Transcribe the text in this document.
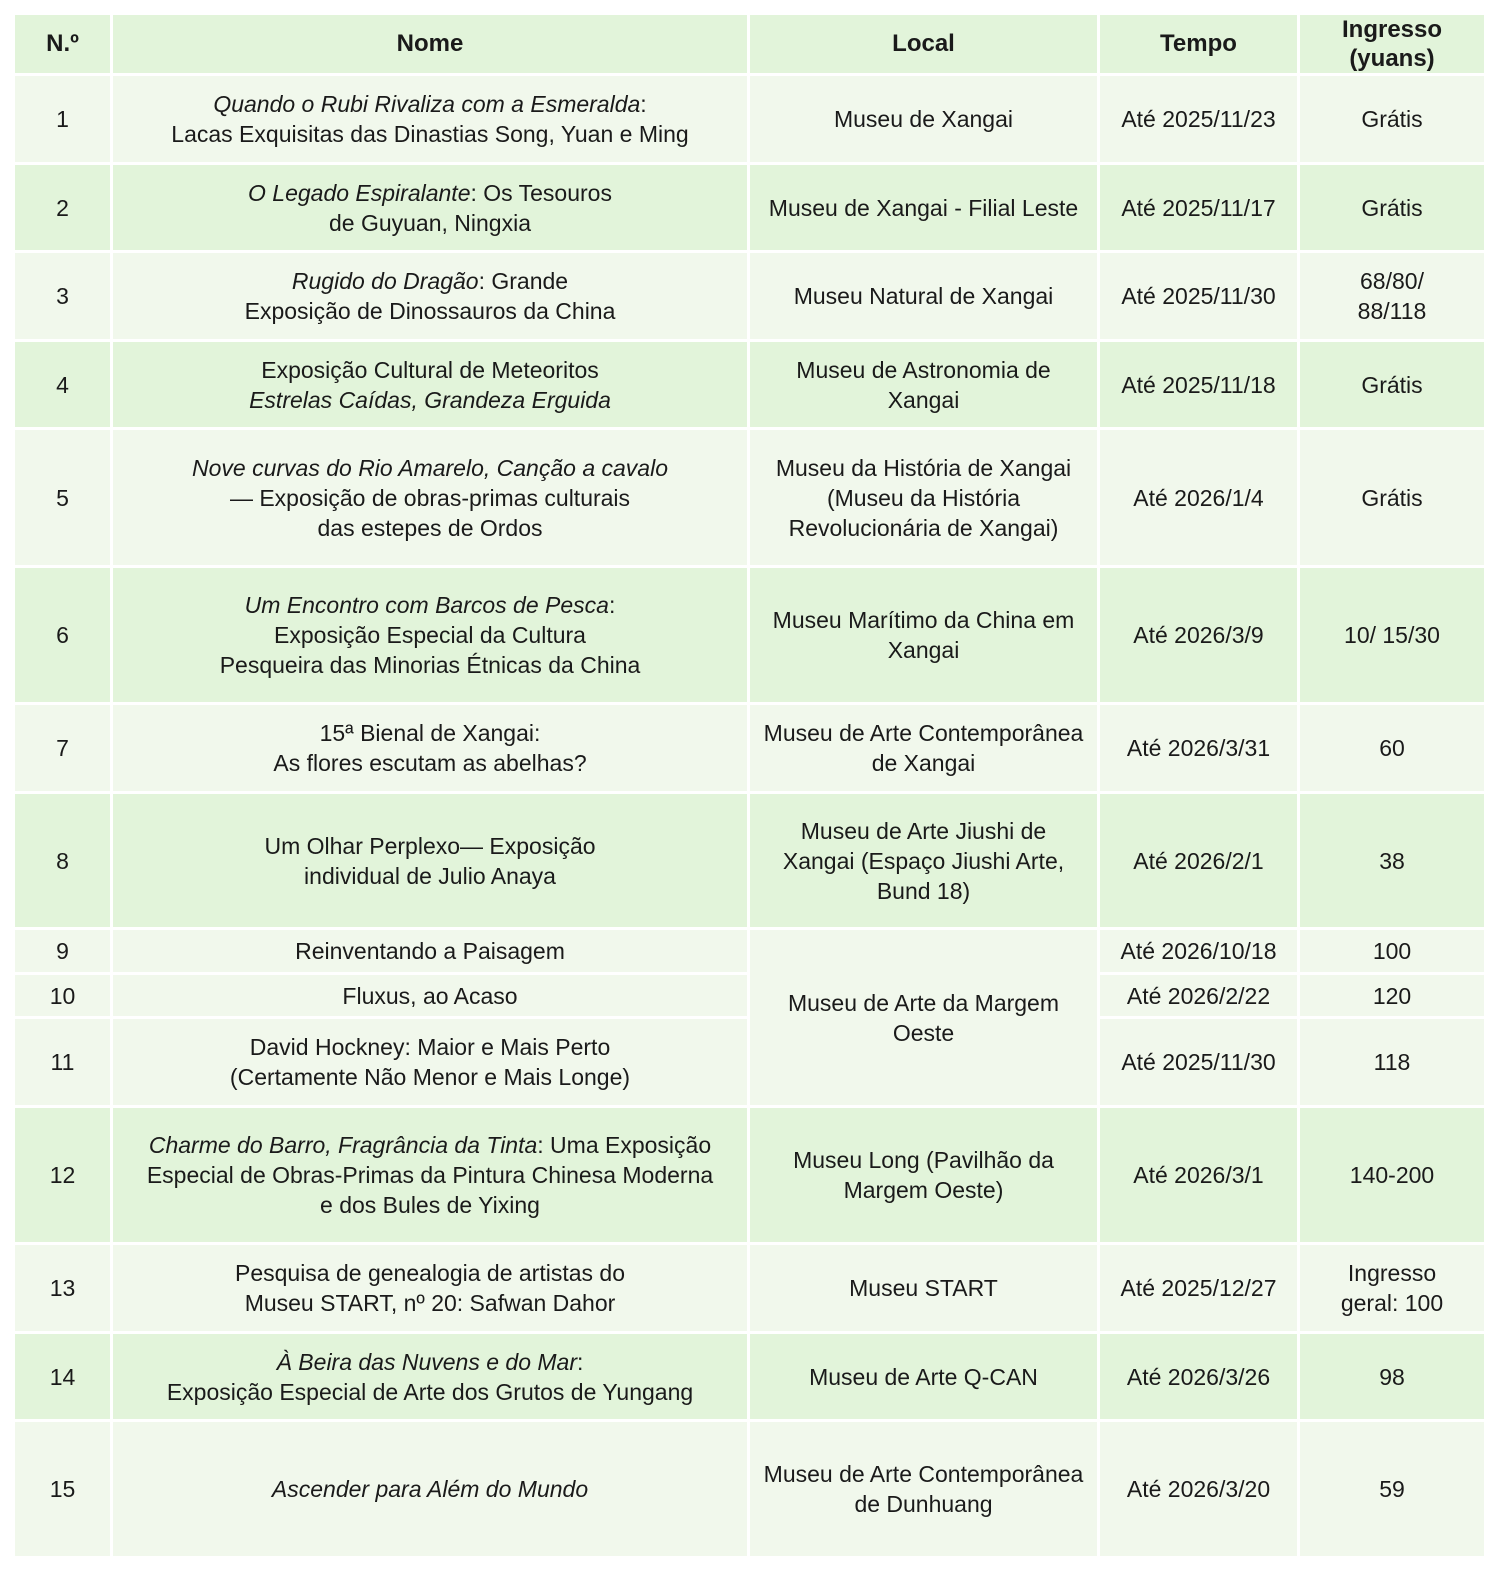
N.º	Nome	Local	Tempo	Ingresso
(yuans)

1	Quando o Rubi Rivaliza com a Esmeralda:
Lacas Exquisitas das Dinastias Song, Yuan e Ming	Museu de Xangai	Até 2025/11/23	Grátis
2	O Legado Espiralante: Os Tesouros
de Guyuan, Ningxia	Museu de Xangai - Filial Leste	Até 2025/11/17	Grátis
3	Rugido do Dragão: Grande
Exposição de Dinossauros da China	Museu Natural de Xangai	Até 2025/11/30	68/80/ 88/118
4	Exposição Cultural de Meteoritos
Estrelas Caídas, Grandeza Erguida	Museu de Astronomia de Xangai	Até 2025/11/18	Grátis
5	Nove curvas do Rio Amarelo, Canção a cavalo
— Exposição de obras-primas culturais
das estepes de Ordos	Museu da História de Xangai (Museu da História Revolucionária de Xangai)	Até 2026/1/4	Grátis
6	Um Encontro com Barcos de Pesca:
Exposição Especial da Cultura
Pesqueira das Minorias Étnicas da China	Museu Marítimo da China em Xangai	Até 2026/3/9	10/ 15/30
7	15ª Bienal de Xangai:
As flores escutam as abelhas?	Museu de Arte Contemporânea de Xangai	Até 2026/3/31	60
8	Um Olhar Perplexo— Exposição
individual de Julio Anaya	Museu de Arte Jiushi de Xangai (Espaço Jiushi Arte, Bund 18)	Até 2026/2/1	38
9	Reinventando a Paisagem	Museu de Arte da Margem Oeste	Até 2026/10/18	100
10	Fluxus, ao Acaso		Até 2026/2/22	120
11	David Hockney: Maior e Mais Perto
(Certamente Não Menor e Mais Longe)		Até 2025/11/30	118
12	Charme do Barro, Fragrância da Tinta: Uma Exposição
Especial de Obras-Primas da Pintura Chinesa Moderna
e dos Bules de Yixing	Museu Long (Pavilhão da Margem Oeste)	Até 2026/3/1	140-200
13	Pesquisa de genealogia de artistas do
Museu START, nº 20: Safwan Dahor	Museu START	Até 2025/12/27	Ingresso geral: 100
14	À Beira das Nuvens e do Mar:
Exposição Especial de Arte dos Grutos de Yungang	Museu de Arte Q-CAN	Até 2026/3/26	98
15	Ascender para Além do Mundo	Museu de Arte Contemporânea de Dunhuang	Até 2026/3/20	59
